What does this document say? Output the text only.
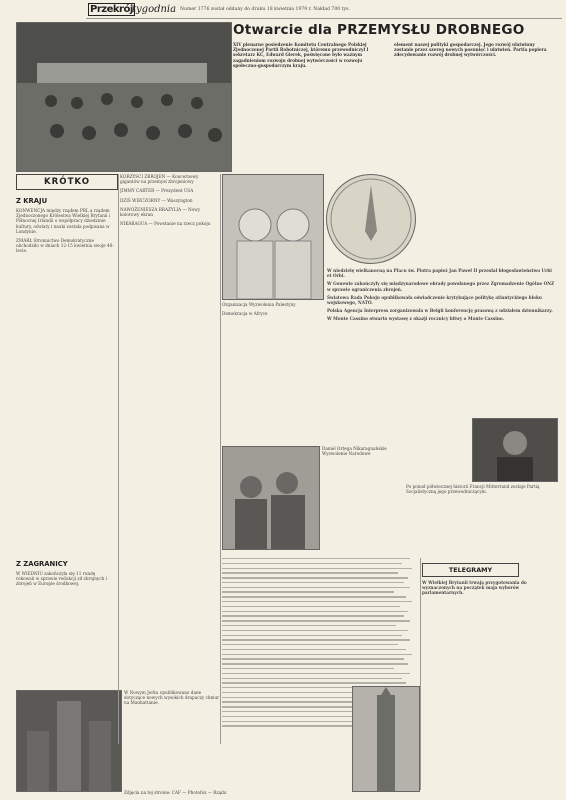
Przekrój tygodnia Numer 1776 został oddany do druku 18 kwietnia 1979 r. Nakład 700 tys.
Otwarcie dla PRZEMYSŁU DROBNEGO
XIV plenarne posiedzenie Komitetu Centralnego Polskiej Zjednoczonej Partii Robotniczej, któremu przewodniczył I sekretarz KC, Edward Gierek, poświęcone było ważnym zagadnieniom rozwoju drobnej wytwórczości w rozwoju społeczno-gospodarczym kraju.
element naszej polityki gospodarczej. Jego rozwój ułatwiony zostanie przez szereg nowych posunięć i ułatwień. Partia popiera zdecydowanie rozwój drobnej wytwórczości.
KRÓTKO
Z KRAJU
KONWENCJA między rządem PRL a rządem Zjednoczonego Królestwa Wielkiej Brytanii i Północnej Irlandii o współpracy dziedzinie kultury, oświaty i nauki została podpisana w Londynie.
ZMARŁ Stronnictwo Demokratyczne obchodziło w dniach 12-15 kwietnia swoje 40-lecie.
Z ZAGRANICY
W WIEDNIU zakończyła się 11 rundę rokowań w sprawie redukcji sił zbrojnych i zbrojeń w Europie środkowej.
KORZYŚCI ZBROJEŃ — Koncernowy gigantów na przemysł zbrojeniowy
JIMMY CARTER — Prezydent USA
DZIŚ WIECZORNY — Waszyngton
NAWOŻENIESZA BRAZYLIA — Nowy kolorowy ekran
NIKARAGUA — Powstanie na rzecz pokoju
Organizacja Wyzwolenia Palestyny
Demokracja w Afryce
W niedzielę wielkanocną na Placu św. Piotra papież Jan Paweł II przesłał błogosławieństwo Urbi et Orbi.
W Genewie zakończyły się międzynarodowe obrady powołanego przez Zgromadzenie Ogólne ONZ w sprawie ograniczenia zbrojeń.
Światowa Rada Pokoju opublikowała oświadczenie krytykujące politykę atlantyckiego bloku wojskowego, NATO.
Polska Agencja Interpress zorganizowała w Belgii konferencję prasową z udziałem dziennikarzy.
W Monte Cassino otwarto wystawę z okazji rocznicy bitwy o Monte Cassino.
Daniel Ortega Nikaraguańskie Wyzwolenie Narodowe
Po ponad półwiecznej historii Francji Mitterrand zostaje Partią Socjalistyczną jego przewodniczącym.
TELEGRAMY
W Wielkiej Brytanii trwają przygotowania do wyznaczonych na początek maja wyborów parlamentarnych.
W Nowym Jorku opublikowano dane dotyczące nowych wysokich drapaczy chmur na Manhattanie.
Zdjęcia na tej stronie: CAF — Photofox — Rządu
